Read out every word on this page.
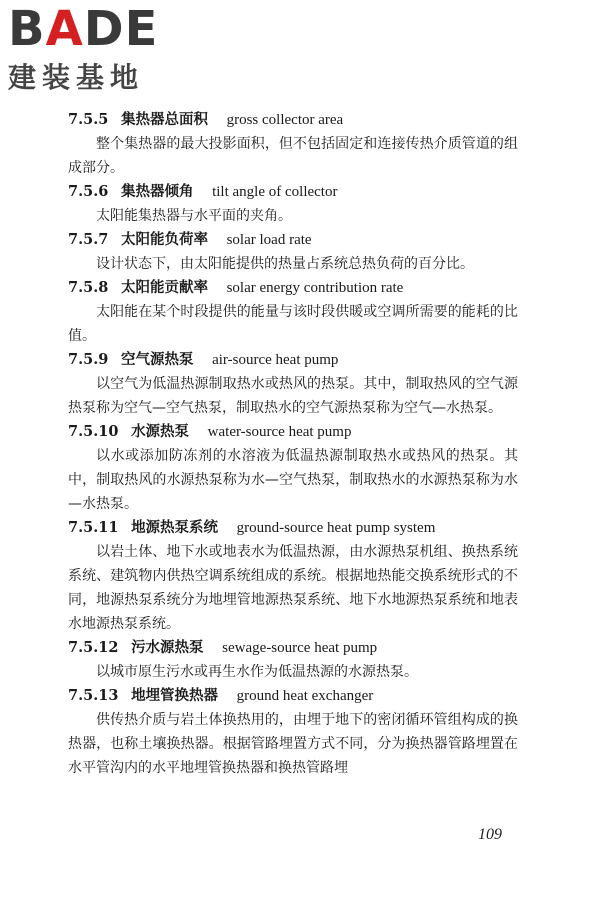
B A D E
建装基地
7.5.5 集热器总面积 gross collector area

整个集热器的最大投影面积，但不包括固定和连接传热介质管道的组成部分。

7.5.6 集热器倾角 tilt angle of collector

太阳能集热器与水平面的夹角。

7.5.7 太阳能负荷率 solar load rate

设计状态下，由太阳能提供的热量占系统总热负荷的百分比。

7.5.8 太阳能贡献率 solar energy contribution rate

太阳能在某个时段提供的能量与该时段供暖或空调所需要的能耗的比值。

7.5.9 空气源热泵 air-source heat pump

以空气为低温热源制取热水或热风的热泵。其中，制取热风的空气源热泵称为空气—空气热泵，制取热水的空气源热泵称为空气—水热泵。

7.5.10 水源热泵 water-source heat pump

以水或添加防冻剂的水溶液为低温热源制取热水或热风的热泵。其中，制取热风的水源热泵称为水—空气热泵，制取热水的水源热泵称为水—水热泵。

7.5.11 地源热泵系统 ground-source heat pump system

以岩土体、地下水或地表水为低温热源，由水源热泵机组、换热系统系统、建筑物内供热空调系统组成的系统。根据地热能交换系统形式的不同，地源热泵系统分为地埋管地源热泵系统、地下水地源热泵系统和地表水地源热泵系统。

7.5.12 污水源热泵 sewage-source heat pump

以城市原生污水或再生水作为低温热源的水源热泵。

7.5.13 地埋管换热器 ground heat exchanger

供传热介质与岩土体换热用的，由埋于地下的密闭循环管组构成的换热器，也称土壤换热器。根据管路埋置方式不同，分为换热器管路埋置在水平管沟内的水平地埋管换热器和换热管路埋

109
